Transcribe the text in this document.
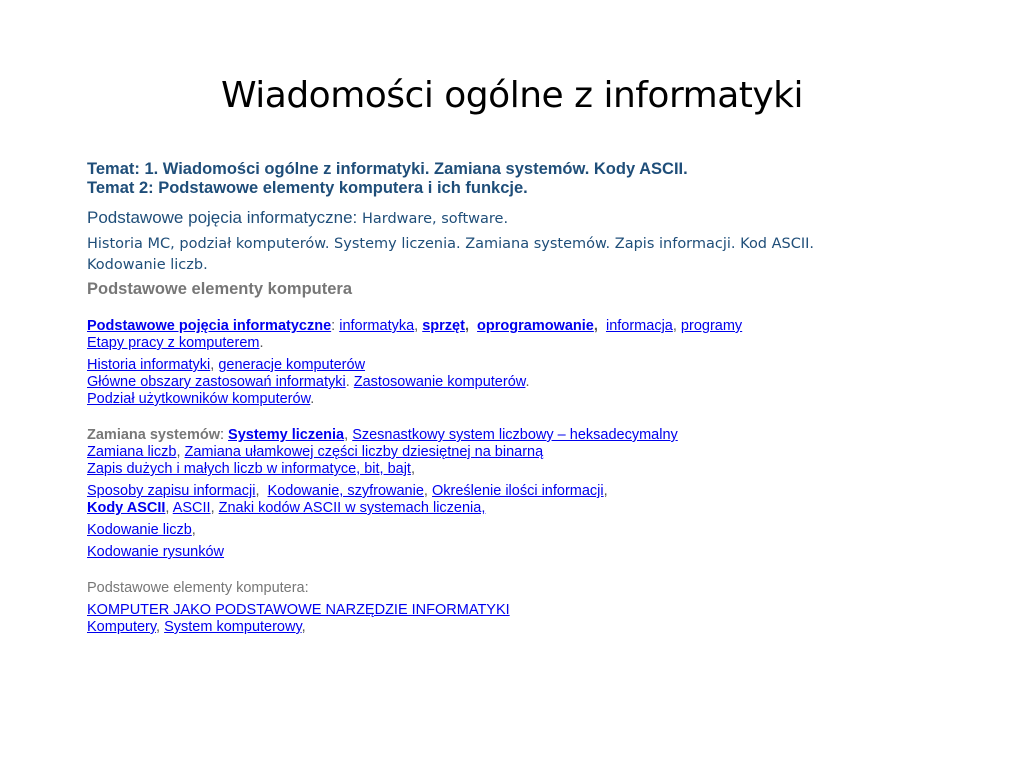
Wiadomości ogólne z informatyki

Temat: 1. Wiadomości ogólne z informatyki. Zamiana systemów. Kody ASCII.

Temat 2: Podstawowe elementy komputera i ich funkcje.

Podstawowe pojęcia informatyczne: Hardware, software.
Historia MC, podział komputerów. Systemy liczenia. Zamiana systemów. Zapis informacji. Kod ASCII.
Kodowanie liczb.
Podstawowe elementy komputera

Podstawowe pojęcia informatyczne: informatyka, sprzęt,  oprogramowanie,  informacja, programy
Etapy pracy z komputerem.

Historia informatyki, generacje komputerów
Główne obszary zastosowań informatyki. Zastosowanie komputerów.
Podział użytkowników komputerów.

Zamiana systemów: Systemy liczenia, Szesnastkowy system liczbowy – heksadecymalny
Zamiana liczb, Zamiana ułamkowej części liczby dziesiętnej na binarną
Zapis dużych i małych liczb w informatyce, bit, bajt,

Sposoby zapisu informacji,  Kodowanie, szyfrowanie, Określenie ilości informacji,
Kody ASCII, ASCII, Znaki kodów ASCII w systemach liczenia,

Kodowanie liczb,

Kodowanie rysunków

Podstawowe elementy komputera:

KOMPUTER JAKO PODSTAWOWE NARZĘDZIE INFORMATYKI
Komputery, System komputerowy,
